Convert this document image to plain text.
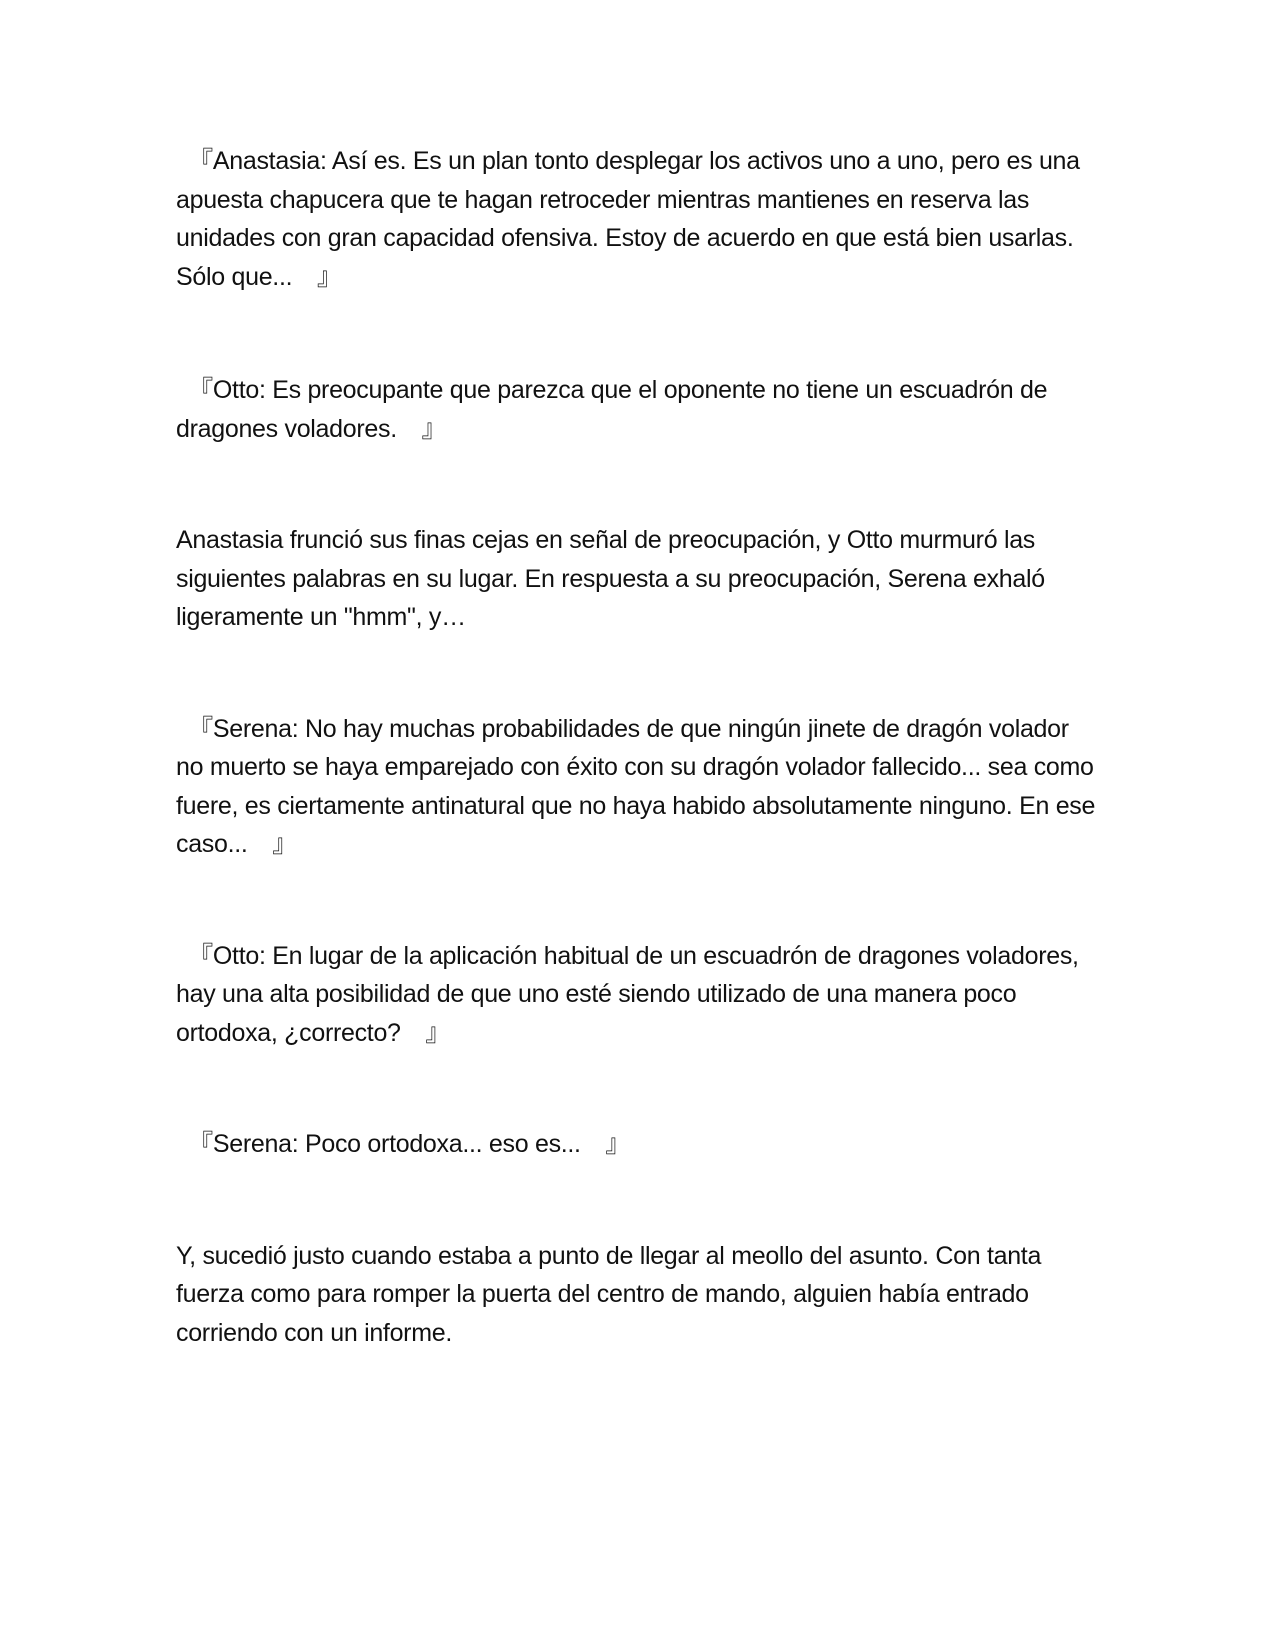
　『Anastasia: Así es. Es un plan tonto desplegar los activos uno a uno, pero es una apuesta chapucera que te hagan retroceder mientras mantienes en reserva las unidades con gran capacidad ofensiva. Estoy de acuerdo en que está bien usarlas. Sólo que...　』

　『Otto: Es preocupante que parezca que el oponente no tiene un escuadrón de dragones voladores.　』

Anastasia frunció sus finas cejas en señal de preocupación, y Otto murmuró las siguientes palabras en su lugar. En respuesta a su preocupación, Serena exhaló ligeramente un "hmm", y…

　『Serena: No hay muchas probabilidades de que ningún jinete de dragón volador no muerto se haya emparejado con éxito con su dragón volador fallecido... sea como fuere, es ciertamente antinatural que no haya habido absolutamente ninguno. En ese caso...　』

　『Otto: En lugar de la aplicación habitual de un escuadrón de dragones voladores, hay una alta posibilidad de que uno esté siendo utilizado de una manera poco ortodoxa, ¿correcto?　』

　『Serena: Poco ortodoxa... eso es...　』

Y, sucedió justo cuando estaba a punto de llegar al meollo del asunto. Con tanta fuerza como para romper la puerta del centro de mando, alguien había entrado corriendo con un informe.
